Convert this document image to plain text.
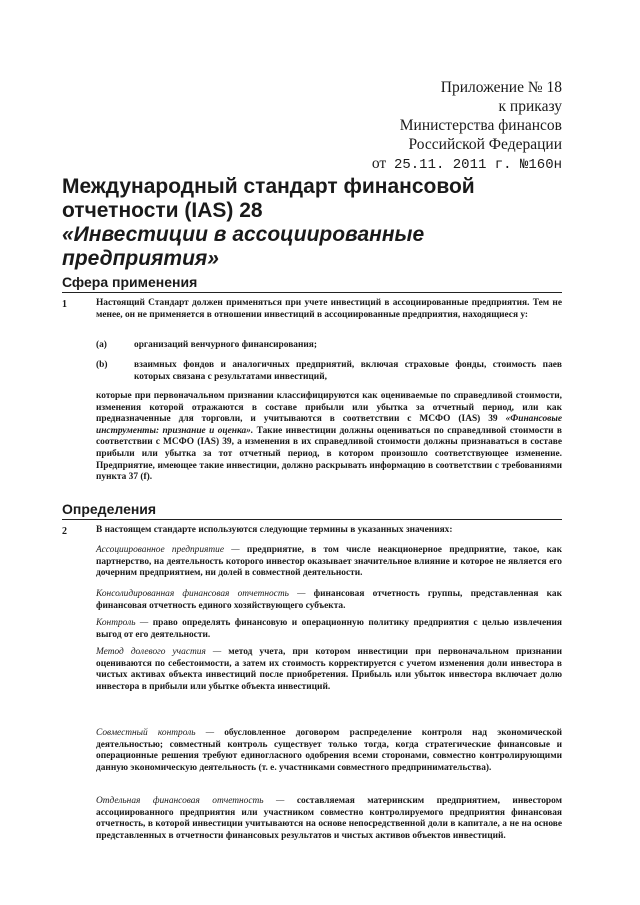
Приложение № 18
к приказу
Министерства финансов
Российской Федерации
от 25.11. 2011 г. №160н
Международный стандарт финансовой
отчетности (IAS) 28
«Инвестиции в ассоциированные предприятия»
Сфера применения
1	Настоящий Стандарт должен применяться при учете инвестиций в ассоциированные предприятия. Тем не менее, он не применяется в отношении инвестиций в ассоциированные предприятия, находящиеся у:

(a)	организаций венчурного финансирования;
(b)	взаимных фондов и аналогичных предприятий, включая страховые фонды, стоимость паев которых связана с результатами инвестиций,

которые при первоначальном признании классифицируются как оцениваемые по справедливой стоимости, изменения которой отражаются в составе прибыли или убытка за отчетный период, или как предназначенные для торговли, и учитываются в соответствии с МСФО (IAS) 39 «Финансовые инструменты: признание и оценка». Такие инвестиции должны оцениваться по справедливой стоимости в соответствии с МСФО (IAS) 39, а изменения в их справедливой стоимости должны признаваться в составе прибыли или убытка за тот отчетный период, в котором произошло соответствующее изменение. Предприятие, имеющее такие инвестиции, должно раскрывать информацию в соответствии с требованиями пункта 37 (f).

Определения
2	В настоящем стандарте используются следующие термины в указанных значениях:

Ассоциированное предприятие — предприятие, в том числе неакционерное предприятие, такое, как партнерство, на деятельность которого инвестор оказывает значительное влияние и которое не является его дочерним предприятием, ни долей в совместной деятельности.

Консолидированная финансовая отчетность — финансовая отчетность группы, представленная как финансовая отчетность единого хозяйствующего субъекта.

Контроль — право определять финансовую и операционную политику предприятия с целью извлечения выгод от его деятельности.

Метод долевого участия — метод учета, при котором инвестиции при первоначальном признании оцениваются по себестоимости, а затем их стоимость корректируется с учетом изменения доли инвестора в чистых активах объекта инвестиций после приобретения. Прибыль или убыток инвестора включает долю инвестора в прибыли или убытке объекта инвестиций.

Совместный контроль — обусловленное договором распределение контроля над экономической деятельностью; совместный контроль существует только тогда, когда стратегические финансовые и операционные решения требуют единогласного одобрения всеми сторонами, совместно контролирующими данную экономическую деятельность (т. е. участниками совместного предпринимательства).

Отдельная финансовая отчетность — составляемая материнским предприятием, инвестором ассоциированного предприятия или участником совместно контролируемого предприятия финансовая отчетность, в которой инвестиции учитываются на основе непосредственной доли в капитале, а не на основе представленных в отчетности финансовых результатов и чистых активов объектов инвестиций.
